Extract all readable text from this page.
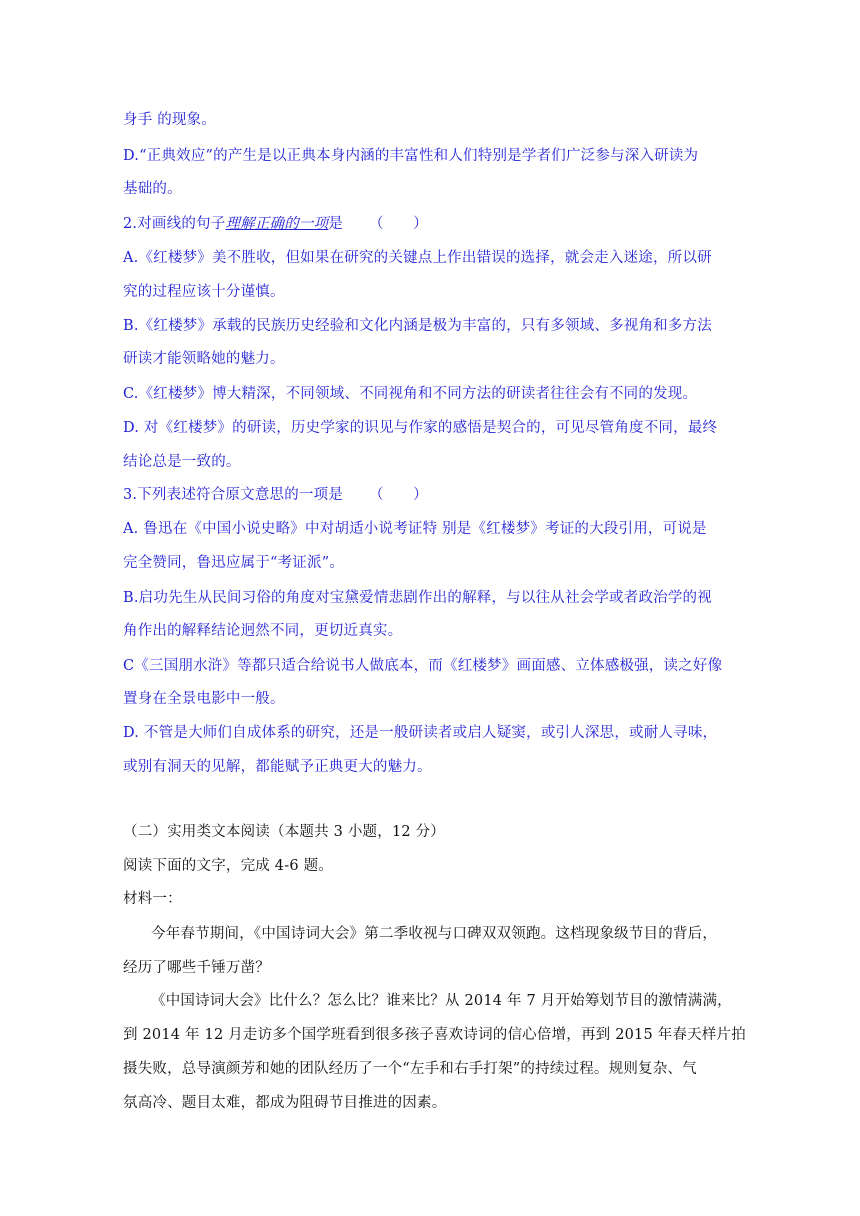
身手 的现象。
D.“正典效应”的产生是以正典本身内涵的丰富性和人们特别是学者们广泛参与深入研读为
基础的。
2.对画线的句子理解正确的一项是 （　　）
A.《红楼梦》美不胜收，但如果在研究的关键点上作出错误的选择，就会走入迷途，所以研
究的过程应该十分谨慎。
B.《红楼梦》承载的民族历史经验和文化内涵是极为丰富的，只有多领域、多视角和多方法
研读才能领略她的魅力。
C.《红楼梦》博大精深，不同领域、不同视角和不同方法的研读者往往会有不同的发现。
D. 对《红楼梦》的研读，历史学家的识见与作家的感悟是契合的，可见尽管角度不同，最终
结论总是一致的。
3.下列表述符合原文意思的一项是 （　　）
A. 鲁迅在《中国小说史略》中对胡适小说考证特 别是《红楼梦》考证的大段引用，可说是
完全赞同，鲁迅应属于“考证派”。
B.启功先生从民间习俗的角度对宝黛爱情悲剧作出的解释，与以往从社会学或者政治学的视
角作出的解释结论迥然不同，更切近真实。
C《三国朋水浒》等都只适合给说书人做底本，而《红楼梦》画面感、立体感极强，读之好像
置身在全景电影中一般。
D. 不管是大师们自成体系的研究，还是一般研读者或启人疑窦，或引人深思，或耐人寻味，
或别有洞天的见解，都能赋予正典更大的魅力。
（二）实用类文本阅读（本题共 3 小题，12 分）
阅读下面的文字，完成 4-6 题。
材料一：
今年春节期间，《中国诗词大会》第二季收视与口碑双双领跑。这档现象级节目的背后，
经历了哪些千锤万凿？
《中国诗词大会》比什么？怎么比？谁来比？从 2014 年 7 月开始筹划节目的激情满满，
到 2014 年 12 月走访多个国学班看到很多孩子喜欢诗词的信心倍增，再到 2015 年春天样片拍
摄失败，总导演颜芳和她的团队经历了一个“左手和右手打架”的持续过程。规则复杂、气
氛高冷、题目太难，都成为阻碍节目推进的因素。
